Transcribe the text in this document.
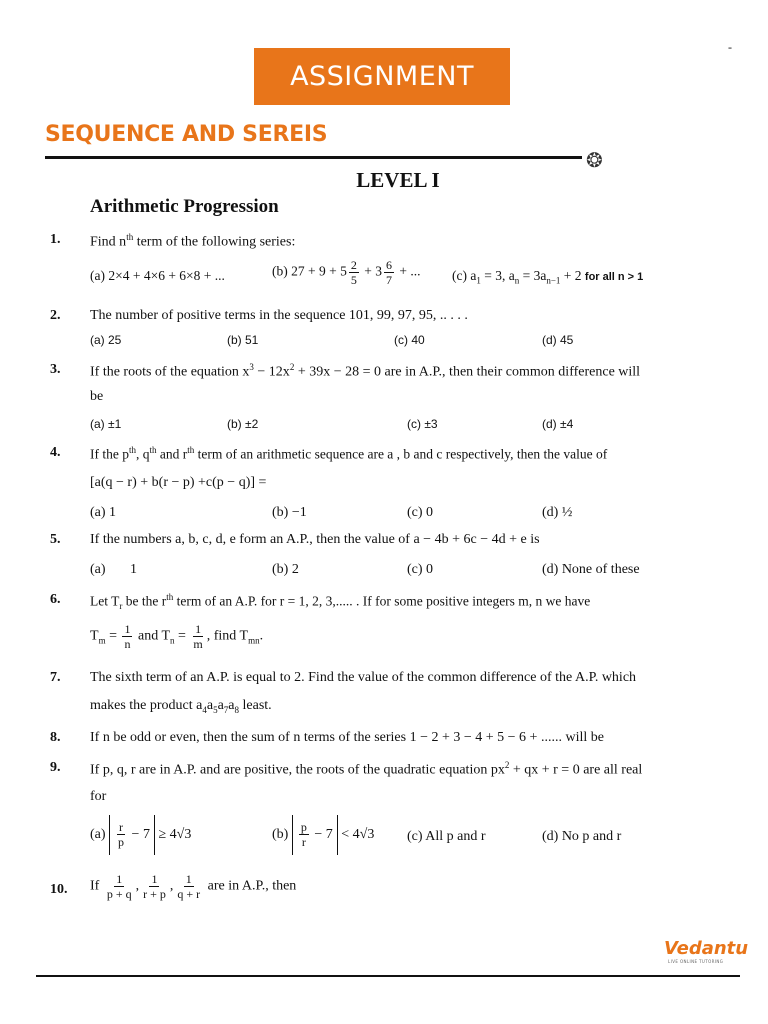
-
ASSIGNMENT
SEQUENCE AND SEREIS
❂
LEVEL I
Arithmetic Progression
1. Find $n^{th}$ term of the following series:
(a) 2×4 + 4×6 + 6×8 + ...	(b) $27 + 9 + 5 \frac{2}{5} + 3 \frac{6}{7}$ + ... (c) $a_1 = 3$, $a_n = 3a_{n-1} + 2$ for all n > 1
2. The number of positive terms in the sequence 101, 99, 97, 95, .. . . .
(a) 25	(b) 51	(c) 40	(d) 45
3. If the roots of the equation $x^3 - 12x^2 + 39x - 28 = 0$ are in A.P., then their common difference will
be
(a) ±1	(b) ±2	(c) ±3	(d) ±4
4. If the $p^{th}$, $q^{th}$ and $r^{th}$ term of an arithmetic sequence are a , b and c respectively, then the value of
[a(q − r) + b(r − p) +c(p − q)] =
(a) 1	(b) −1	(c) 0	(d) ½
5. If the numbers a, b, c, d, e form an A.P., then the value of a − 4b + 6c − 4d + e is
(a)       1	(b) 2	(c) 0	(d) None of these
6. Let $T_r$ be the $r^{th}$ term of an A.P. for r = 1, 2, 3,..... . If for some positive integers m, n we have
$T_m = \frac{1}{n}$ and $T_n = \frac{1}{m}$ , find $T_{mn}$.
7. The sixth term of an A.P. is equal to 2. Find the value of the common difference of the A.P. which
makes the product $a_4a_5a_7a_8$ least.
8. If n be odd or even, then the sum of n terms of the series 1 − 2 + 3 − 4 + 5 − 6 + ...... will be
9. If p, q, r are in A.P. and are positive, the roots of the quadratic equation $px^2$ + qx + r = 0 are all real
for
$(a) \frac{r}{p} - 7 \ge 4√3$	$(b) \frac{p}{r} - 7 < 4√3$ (c) All p and r	(d) No p and r
10. If $\frac{1}{p + q}$ , $\frac{1}{r + p}$ , $\frac{1}{q + r}$ are in A.P., then
Vedantu
LIVE ONLINE TUTORING
